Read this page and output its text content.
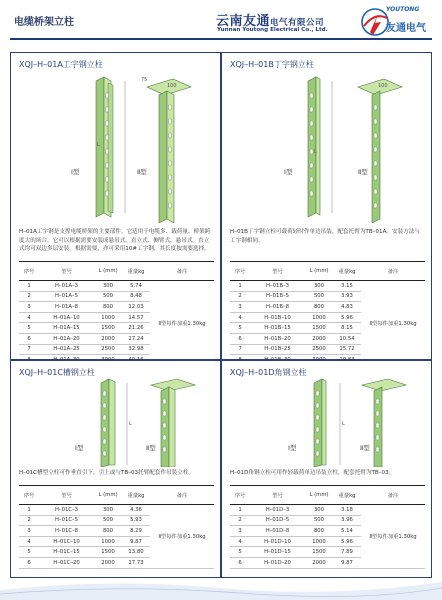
电缆桥架立柱	云南友通电气有限公司
Yunnan Youtong Electrical Co., Ltd.
YOUTONG
友通电气
XQJ–H–01A工字钢立柱
L
100
75
Ⅰ型	Ⅱ型
H–01A工字钢是支撑电缆桥架的主要部件。它适用于电缆多、载荷量、桥架跨度大的场合。它可以根据需要安装成悬吊式、直立式、侧臂式、悬吊式。直立式均可双边多层安装。根据需要，亦可采用10#工字钢，其长度按需要选择。
序号	型号	L (mm)	重量kg	备注
1	H–01A–3	300	5.74	Ⅱ型每件加重1.30kg
2	H–01A–5	500	8.48	
3	H–01A–8	800	12.03	
4	H–01A–10	1000	14.57	
5	H–01A–15	1500	21.26	
6	H–01A–20	2000	27.24	
7	H–01A–25	2500	32.98	

XQJ–H–01B丁字钢立柱
L
100
Ⅰ型	Ⅱ型
H–01B丁字钢立柱可载荷轻时作单边吊装，配套托臂为TB–01A。安装方法与工字钢相同。
序号	型号	L (mm)	重量kg	备注
1	H–01B–3	300	3.15	Ⅱ型每件加重1.30kg
2	H–01B–5	500	3.93	
3	H–01B–8	800	4.83	
4	H–01B–10	1000	5.96	
5	H–01B–15	1500	8.15	
6	H–01B–20	2000	10.54	
7	H–01B–25	2500	15.72	

XQJ–H–01C槽钢立柱
L
Ⅰ型	Ⅱ型
H–01C槽型立柱可作垂直引下，引上或与TB–03托臂配套作吊装立柱。
序号	型号	L (mm)	重量kg	备注
1	H–01C–3	300	4.36	Ⅱ型每件加重1.30kg
2	H–01C–5	500	5.93	
3	H–01C–8	800	8.29	
4	H–01C–10	1000	9.87	
5	H–01C–15	1500	13.80	
6	H–01C–20	2000	17.73	
XQJ–H–01D角钢立柱
L
Ⅰ型	Ⅱ型
H–01D角钢立柱可用作轻载荷单边吊装立柱，配套托臂为TB–03。
序号	型号	L (mm)	重量kg	备注
1	H–01D–3	300	3.18	Ⅱ型每件加重1.30kg
2	H–01D–5	500	3.96	
3	H–01D–8	800	5.14	
4	H–01D–10	1000	5.96	
5	H–01D–15	1500	7.89	
6	H–01D–20	2000	9.87	
